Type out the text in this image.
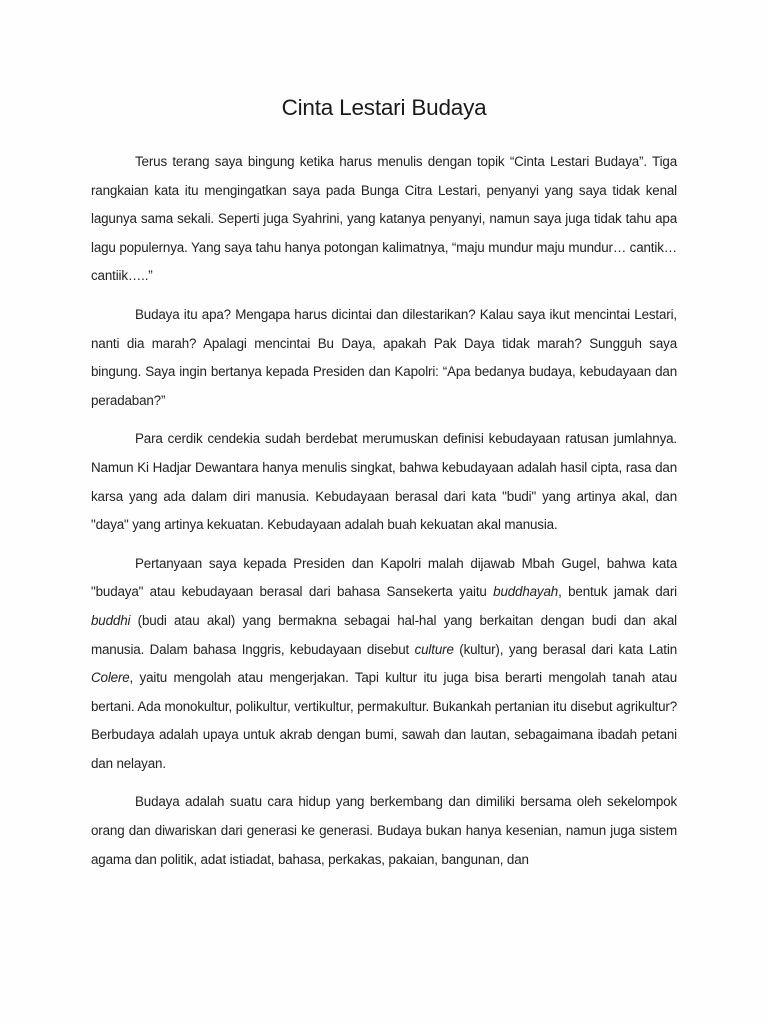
Cinta Lestari Budaya

Terus terang saya bingung ketika harus menulis dengan topik “Cinta Lestari Budaya”. Tiga rangkaian kata itu mengingatkan saya pada Bunga Citra Lestari, penyanyi yang saya tidak kenal lagunya sama sekali. Seperti juga Syahrini, yang katanya penyanyi, namun saya juga tidak tahu apa lagu populernya. Yang saya tahu hanya potongan kalimatnya, “maju mundur maju mundur… cantik… cantiik…..”

Budaya itu apa? Mengapa harus dicintai dan dilestarikan? Kalau saya ikut mencintai Lestari, nanti dia marah? Apalagi mencintai Bu Daya, apakah Pak Daya tidak marah? Sungguh saya bingung. Saya ingin bertanya kepada Presiden dan Kapolri: “Apa bedanya budaya, kebudayaan dan peradaban?”

Para cerdik cendekia sudah berdebat merumuskan definisi kebudayaan ratusan jumlahnya. Namun Ki Hadjar Dewantara hanya menulis singkat, bahwa kebudayaan adalah hasil cipta, rasa dan karsa yang ada dalam diri manusia. Kebudayaan berasal dari kata "budi" yang artinya akal, dan "daya" yang artinya kekuatan. Kebudayaan adalah buah kekuatan akal manusia.

Pertanyaan saya kepada Presiden dan Kapolri malah dijawab Mbah Gugel, bahwa kata "budaya" atau kebudayaan berasal dari bahasa Sansekerta yaitu buddhayah, bentuk jamak dari buddhi (budi atau akal) yang bermakna sebagai hal-hal yang berkaitan dengan budi dan akal manusia. Dalam bahasa Inggris, kebudayaan disebut culture (kultur), yang berasal dari kata Latin Colere, yaitu mengolah atau mengerjakan. Tapi kultur itu juga bisa berarti mengolah tanah atau bertani. Ada monokultur, polikultur, vertikultur, permakultur. Bukankah pertanian itu disebut agrikultur? Berbudaya adalah upaya untuk akrab dengan bumi, sawah dan lautan, sebagaimana ibadah petani dan nelayan.

Budaya adalah suatu cara hidup yang berkembang dan dimiliki bersama oleh sekelompok orang dan diwariskan dari generasi ke generasi. Budaya bukan hanya kesenian, namun juga sistem agama dan politik, adat istiadat, bahasa, perkakas, pakaian, bangunan, dan
